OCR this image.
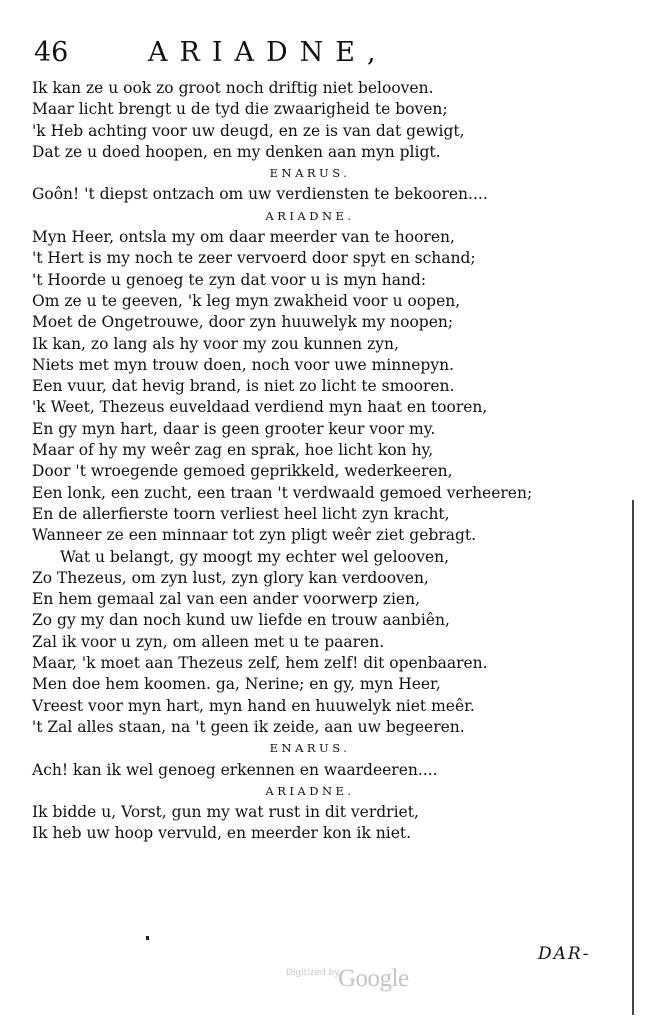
46	ARIADNE,
Ik kan ze u ook zo groot noch driftig niet belooven.
Maar licht brengt u de tyd die zwaarigheid te boven;
'k Heb achting voor uw deugd, en ze is van dat gewigt,
Dat ze u doed hoopen, en my denken aan myn pligt.
ENARUS.
Goôn! 't diepst ontzach om uw verdiensten te bekooren....
ARIADNE.
Myn Heer, ontsla my om daar meerder van te hooren,
't Hert is my noch te zeer vervoerd door spyt en schand;
't Hoorde u genoeg te zyn dat voor u is myn hand:
Om ze u te geeven, 'k leg myn zwakheid voor u oopen,
Moet de Ongetrouwe, door zyn huuwelyk my noopen;
Ik kan, zo lang als hy voor my zou kunnen zyn,
Niets met myn trouw doen, noch voor uwe minnepyn.
Een vuur, dat hevig brand, is niet zo licht te smooren.
'k Weet, Thezeus euveldaad verdiend myn haat en tooren,
En gy myn hart, daar is geen grooter keur voor my.
Maar of hy my weêr zag en sprak, hoe licht kon hy,
Door 't wroegende gemoed geprikkeld, wederkeeren,
Een lonk, een zucht, een traan 't verdwaald gemoed verheeren;
En de allerfierste toorn verliest heel licht zyn kracht,
Wanneer ze een minnaar tot zyn pligt weêr ziet gebragt.
Wat u belangt, gy moogt my echter wel gelooven,
Zo Thezeus, om zyn lust, zyn glory kan verdooven,
En hem gemaal zal van een ander voorwerp zien,
Zo gy my dan noch kund uw liefde en trouw aanbiên,
Zal ik voor u zyn, om alleen met u te paaren.
Maar, 'k moet aan Thezeus zelf, hem zelf! dit openbaaren.
Men doe hem koomen. ga, Nerine; en gy, myn Heer,
Vreest voor myn hart, myn hand en huuwelyk niet meêr.
't Zal alles staan, na 't geen ik zeide, aan uw begeeren.
ENARUS.
Ach! kan ik wel genoeg erkennen en waardeeren....
ARIADNE.
Ik bidde u, Vorst, gun my wat rust in dit verdriet,
Ik heb uw hoop vervuld, en meerder kon ik niet.
DAR-
Digitized by
Google
